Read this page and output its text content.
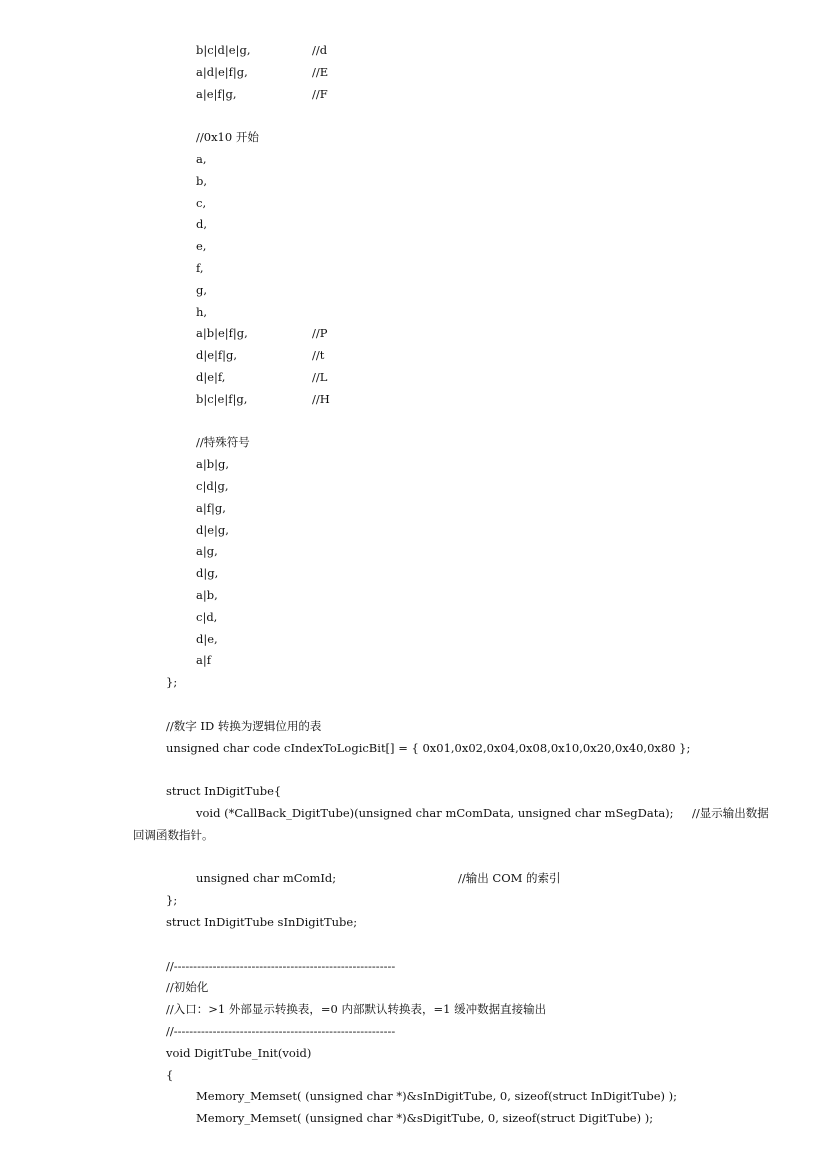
b|c|d|e|g,	//d
a|d|e|f|g,	//E
a|e|f|g,	//F
//0x10 开始
a,
b,
c,
d,
e,
f,
g,
h,
a|b|e|f|g,	//P
d|e|f|g,	//t
d|e|f,	//L
b|c|e|f|g,	//H
//特殊符号
a|b|g,
c|d|g,
a|f|g,
d|e|g,
a|g,
d|g,
a|b,
c|d,
d|e,
a|f
};
//数字 ID 转换为逻辑位用的表
unsigned char code cIndexToLogicBit[] = { 0x01,0x02,0x04,0x08,0x10,0x20,0x40,0x80 };
struct InDigitTube{
void (*CallBack_DigitTube)(unsigned char mComData, unsigned char mSegData); //显示输出数据
回调函数指针。
unsigned char mComId;	//输出 COM 的索引
};
struct InDigitTube sInDigitTube;
//---------------------------------------------------------
//初始化
//入口：>1 外部显示转换表，=0 内部默认转换表，=1 缓冲数据直接输出
//---------------------------------------------------------
void DigitTube_Init(void)
{
Memory_Memset( (unsigned char *)&sInDigitTube, 0, sizeof(struct InDigitTube) );
Memory_Memset( (unsigned char *)&sDigitTube, 0, sizeof(struct DigitTube) );
